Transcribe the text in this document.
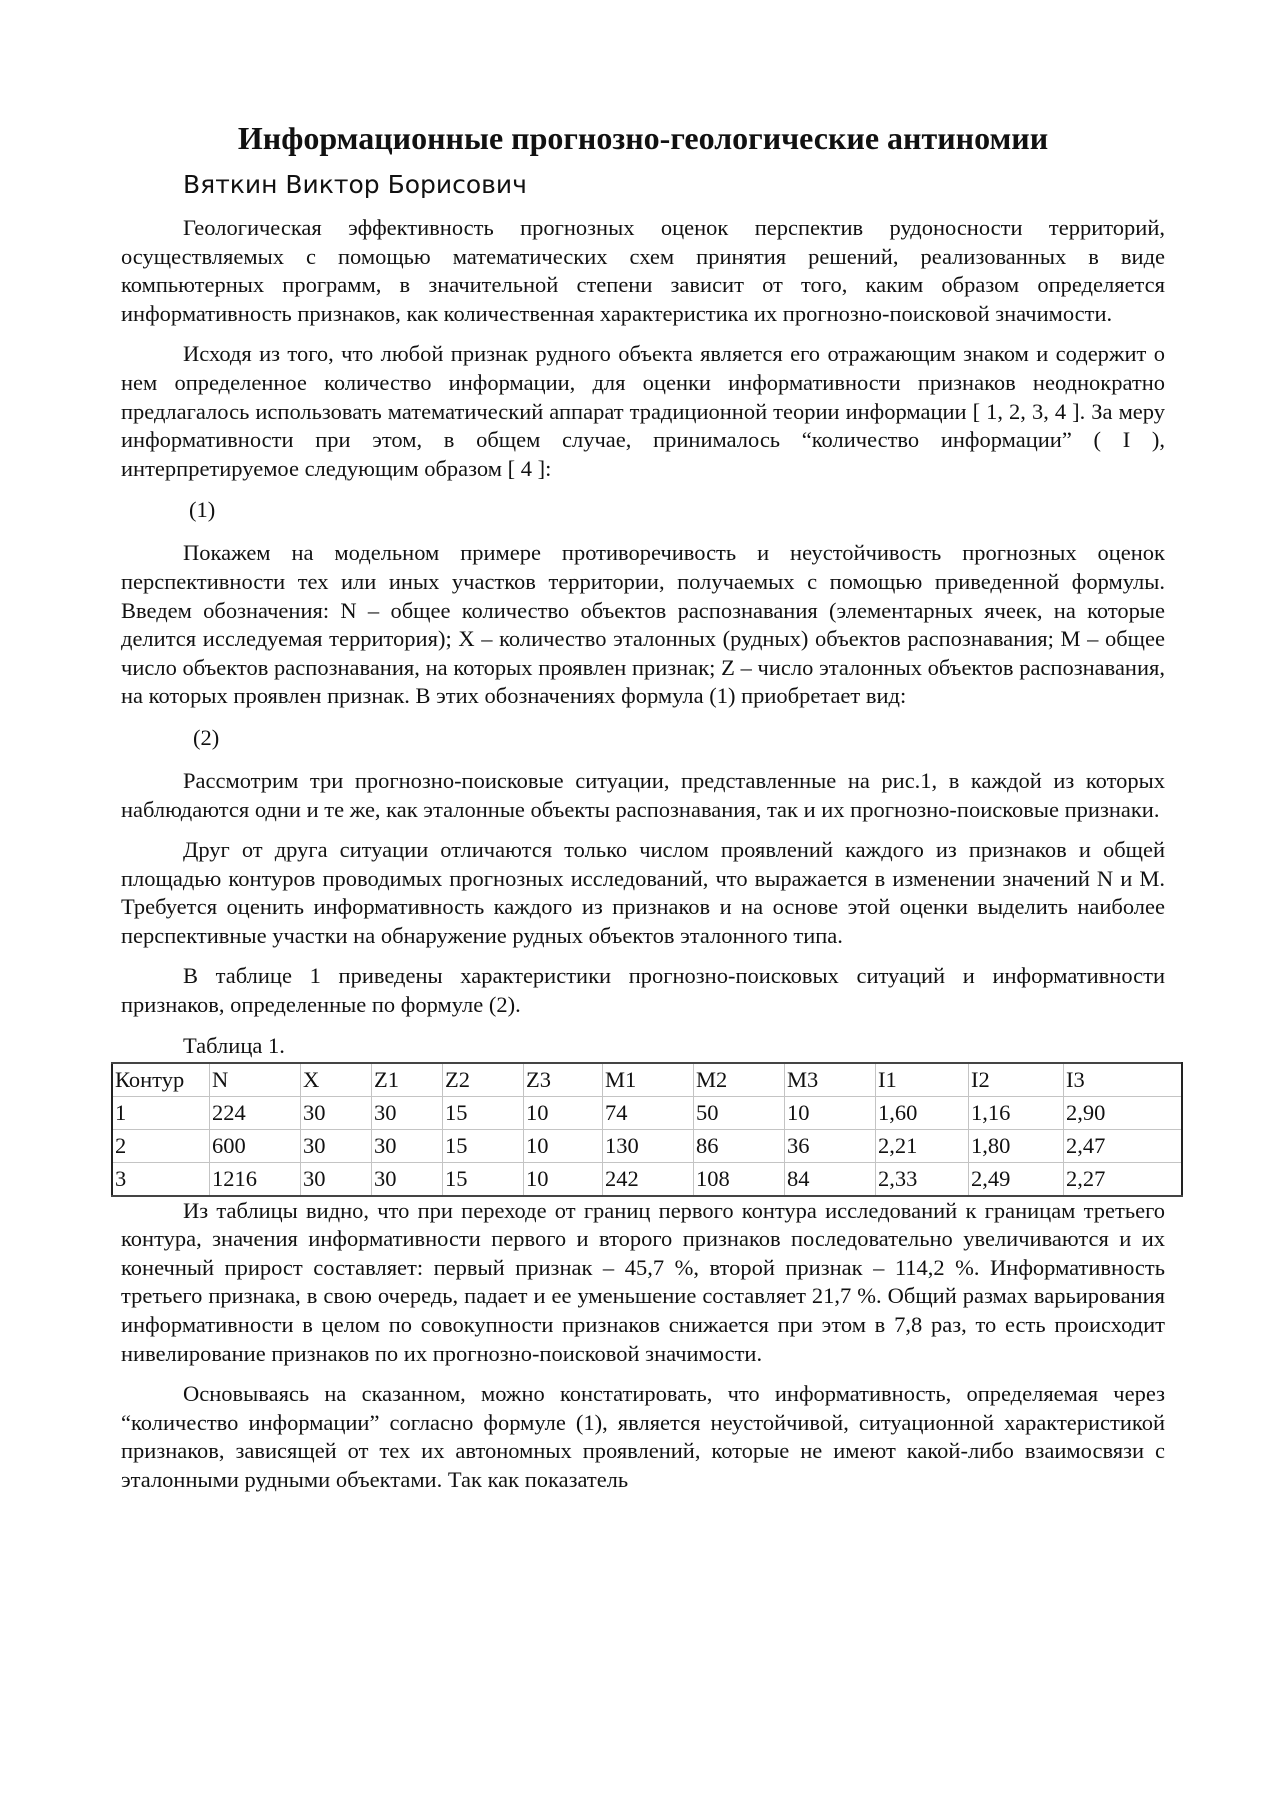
Информационные прогнозно-геологические антиномии
Вяткин Виктор Борисович

Геологическая эффективность прогнозных оценок перспектив рудоносности территорий, осуществляемых с помощью математических схем принятия решений, реализованных в виде компьютерных программ, в значительной степени зависит от того, каким образом определяется информативность признаков, как количественная характеристика их прогнозно-поисковой значимости.

Исходя из того, что любой признак рудного объекта является его отражающим знаком и содержит о нем определенное количество информации, для оценки информативности признаков неоднократно предлагалось использовать математический аппарат традиционной теории информации [ 1, 2, 3, 4 ]. За меру информативности при этом, в общем случае, принималось “количество информации” ( I ), интерпретируемое следующим образом [ 4 ]:

(1)

Покажем на модельном примере противоречивость и неустойчивость прогнозных оценок перспективности тех или иных участков территории, получаемых с помощью приведенной формулы. Введем обозначения: N – общее количество объектов распознавания (элементарных ячеек, на которые делится исследуемая территория); X – количество эталонных (рудных) объектов распознавания; M – общее число объектов распознавания, на которых проявлен признак; Z – число эталонных объектов распознавания, на которых проявлен признак. В этих обозначениях формула (1) приобретает вид:

(2)

Рассмотрим три прогнозно-поисковые ситуации, представленные на рис.1, в каждой из которых наблюдаются одни и те же, как эталонные объекты распознавания, так и их прогнозно-поисковые признаки.

Друг от друга ситуации отличаются только числом проявлений каждого из признаков и общей площадью контуров проводимых прогнозных исследований, что выражается в изменении значений N и M. Требуется оценить информативность каждого из признаков и на основе этой оценки выделить наиболее перспективные участки на обнаружение рудных объектов эталонного типа.

В таблице 1 приведены характеристики прогнозно-поисковых ситуаций и информативности признаков, определенные по формуле (2).

Таблица 1.
Контур	N	X	Z1	Z2	Z3	M1	M2	M3	I1	I2	I3
1	224	30	30	15	10	74	50	10	1,60	1,16	2,90
2	600	30	30	15	10	130	86	36	2,21	1,80	2,47
3	1216	30	30	15	10	242	108	84	2,33	2,49	2,27

Из таблицы видно, что при переходе от границ первого контура исследований к границам третьего контура, значения информативности первого и второго признаков последовательно увеличиваются и их конечный прирост составляет: первый признак – 45,7 %, второй признак – 114,2 %. Информативность третьего признака, в свою очередь, падает и ее уменьшение составляет 21,7 %. Общий размах варьирования информативности в целом по совокупности признаков снижается при этом в 7,8 раз, то есть происходит нивелирование признаков по их прогнозно-поисковой значимости.

Основываясь на сказанном, можно констатировать, что информативность, определяемая через “количество информации” согласно формуле (1), является неустойчивой, ситуационной характеристикой признаков, зависящей от тех их автономных проявлений, которые не имеют какой-либо взаимосвязи с эталонными рудными объектами. Так как показатель
